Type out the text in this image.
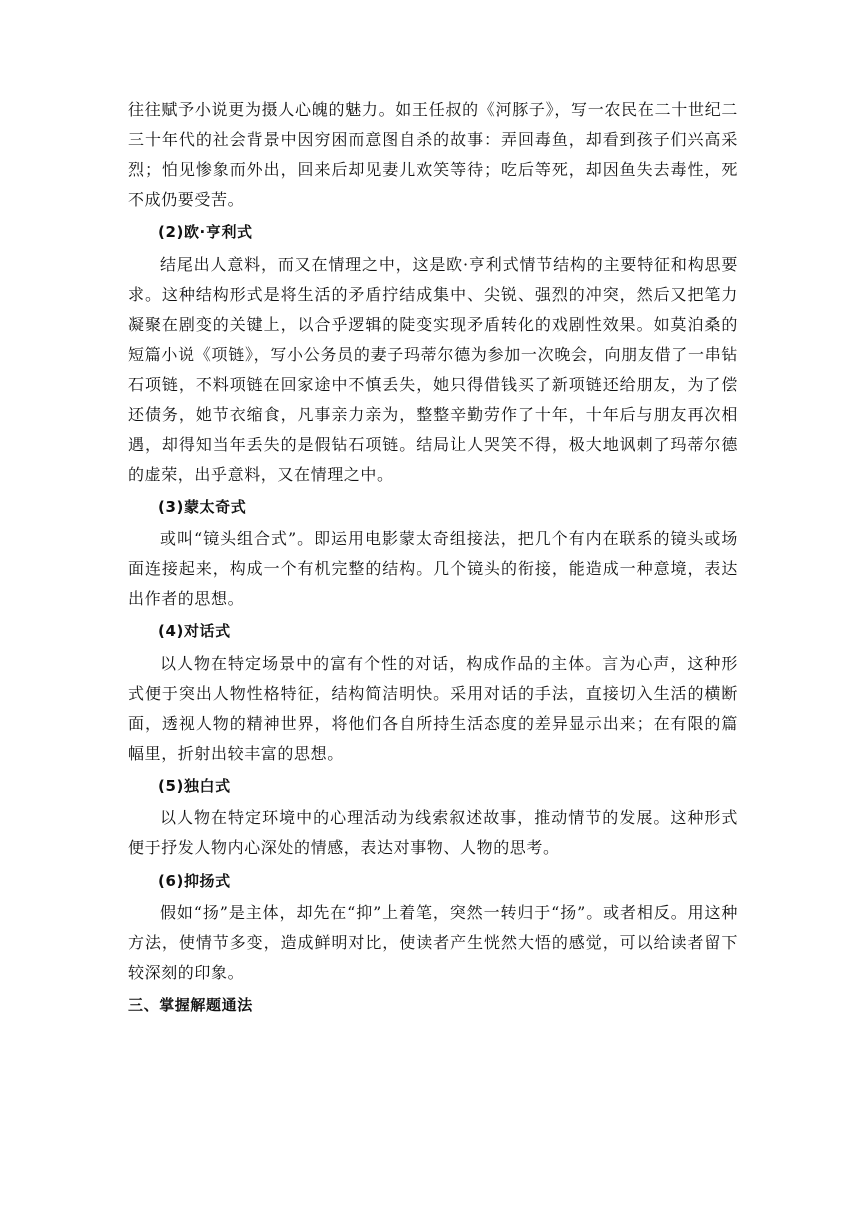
往往赋予小说更为摄人心魄的魅力。如王任叔的《河豚子》，写一农民在二十世纪二三十年代的社会背景中因穷困而意图自杀的故事：弄回毒鱼，却看到孩子们兴高采烈；怕见惨象而外出，回来后却见妻儿欢笑等待；吃后等死，却因鱼失去毒性，死不成仍要受苦。

(2)欧·亨利式

结尾出人意料，而又在情理之中，这是欧·亨利式情节结构的主要特征和构思要求。这种结构形式是将生活的矛盾拧结成集中、尖锐、强烈的冲突，然后又把笔力凝聚在剧变的关键上，以合乎逻辑的陡变实现矛盾转化的戏剧性效果。如莫泊桑的短篇小说《项链》，写小公务员的妻子玛蒂尔德为参加一次晚会，向朋友借了一串钻石项链，不料项链在回家途中不慎丢失，她只得借钱买了新项链还给朋友，为了偿还债务，她节衣缩食，凡事亲力亲为，整整辛勤劳作了十年，十年后与朋友再次相遇，却得知当年丢失的是假钻石项链。结局让人哭笑不得，极大地讽刺了玛蒂尔德的虚荣，出乎意料，又在情理之中。

(3)蒙太奇式

或叫“镜头组合式”。即运用电影蒙太奇组接法，把几个有内在联系的镜头或场面连接起来，构成一个有机完整的结构。几个镜头的衔接，能造成一种意境，表达出作者的思想。

(4)对话式

以人物在特定场景中的富有个性的对话，构成作品的主体。言为心声，这种形式便于突出人物性格特征，结构简洁明快。采用对话的手法，直接切入生活的横断面，透视人物的精神世界，将他们各自所持生活态度的差异显示出来；在有限的篇幅里，折射出较丰富的思想。

(5)独白式

以人物在特定环境中的心理活动为线索叙述故事，推动情节的发展。这种形式便于抒发人物内心深处的情感，表达对事物、人物的思考。

(6)抑扬式

假如“扬”是主体，却先在“抑”上着笔，突然一转归于“扬”。或者相反。用这种方法，使情节多变，造成鲜明对比，使读者产生恍然大悟的感觉，可以给读者留下较深刻的印象。

三、掌握解题通法
